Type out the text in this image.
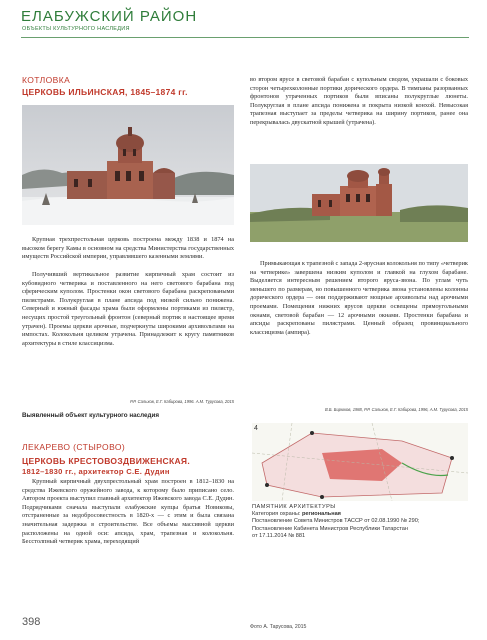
ЕЛАБУЖСКИЙ РАЙОН
ОБЪЕКТЫ КУЛЬТУРНОГО НАСЛЕДИЯ
КОТЛОВКА
ЦЕРКОВЬ ИЛЬИНСКАЯ, 1845–1874 гг.
во втором ярусе в световой барабан с купольным сводом, украшали с боковых сторон четырехколонные портики дорического ордера. В тимпаны разорванных фронтонов утраченных портиков были вписаны полукруглые люнеты. Полукруглая в плане апсида понижена и покрыта низкой конхой. Невысокая трапезная выступает за пределы четверика на ширину портиков, ранее она перекрывалась двускатной крышей (утрачена).
Крупная трехпрестольная церковь построена между 1838 и 1874 на высоком берегу Камы в основном на средства Министерства государственных имуществ Российской империи, управлявшего казенными землями.
Получивший вертикальное развитие кирпичный храм состоит из кубовидного четверика и поставленного на него светового барабана под сферическим куполом. Простенки окон светового барабана раскреповаными пилястрами. Полукруглая в плане апсида под низкой сильно понижена. Северный и южный фасады храма были оформлены портиками из пилястр, несущих простой треугольный фронтон (северный портик в настоящее время утрачен). Проемы церкви арочные, подчеркнуты широкими архивольтами на импостах. Колокольня целиком утрачена. Принадлежит к кругу памятников архитектуры в стиле классицизма.
Р.Р. Сальхов, Е.Г. Кабирова, 1996. А.М. Турусова, 2015
Выявленный объект культурного наследия
Примыкающая к трапезной с запада 2-ярусная колокольня по типу «четверик на четверике» завершена низким куполом и главкой на глухом барабане. Выделяется интересным решением второго яруса-звона. По углам чуть меньшего по размерам, но повышенного четверика звона установлены колонны дорического ордера — они поддерживают мощные архивольты над арочными проемами. Помещения нижних ярусов церкви освещены прямоугольными окнами, световой барабан — 12 арочными окнами. Простенки барабана и апсиды раскрепованы пилястрами. Ценный образец провинциального классицизма (ампира).
В.Б. Бирюков, 1988, Р.Р. Сальхов, Е.Г. Кабирова, 1996, А.М. Турусова, 2015
ЛЕКАРЕВО (СТЫРОВО)
ЦЕРКОВЬ КРЕСТОВОЗДВИЖЕНСКАЯ.
1812–1830 гг., архитектор С.Е. Дудин
Крупный кирпичный двухпрестольный храм построен в 1812–1830 на средства Ижевского оружейного завода, к которому было приписано село. Автором проекта выступил главный архитектор Ижевского завода С.Е. Дудин. Подрядчиками сначала выступали елабужские купцы братья Новиковы, отстраненные за недобросовестность в 1820-х — с этим и была связана значительная задержка в строительстве. Все объемы массивной церкви расположены на одной оси: апсида, храм, трапезная и колокольня. Бесстолпный четверик храма, переходящий
4
ПАМЯТНИК АРХИТЕКТУРЫ
Категория охраны: региональная
Постановление Совета Министров ТАССР от 02.08.1990 № 290;
Постановление Кабинета Министров Республики Татарстан
от 17.11.2014 № 881
398	Фото А. Тарусова, 2015
